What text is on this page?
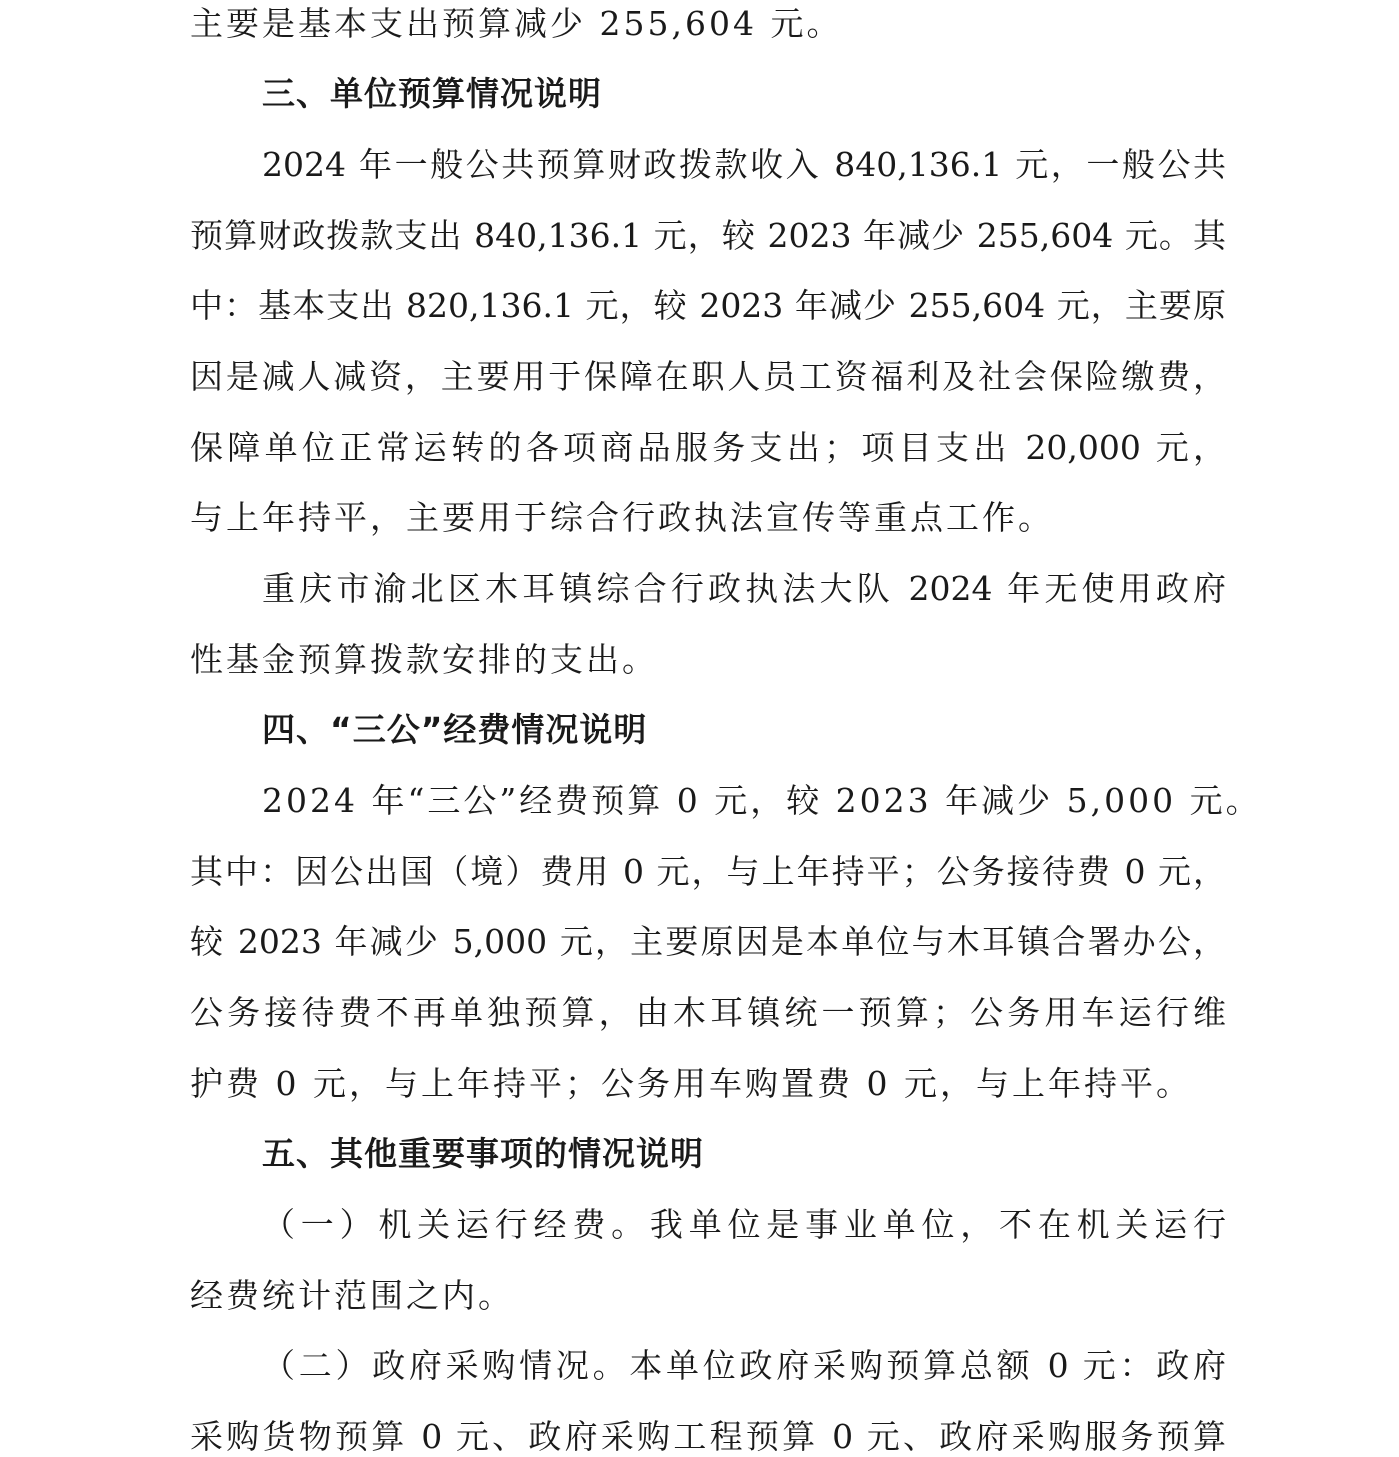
主要是基本支出预算减少 255,604 元。
三、单位预算情况说明
2024 年一般公共预算财政拨款收入 840,136.1 元，一般公共
预算财政拨款支出 840,136.1 元，较 2023 年减少 255,604 元。其
中：基本支出 820,136.1 元，较 2023 年减少 255,604 元，主要原
因是减人减资，主要用于保障在职人员工资福利及社会保险缴费，
保障单位正常运转的各项商品服务支出；项目支出 20,000 元，
与上年持平，主要用于综合行政执法宣传等重点工作。
重庆市渝北区木耳镇综合行政执法大队 2024 年无使用政府
性基金预算拨款安排的支出。
四、“三公”经费情况说明
2024 年“三公”经费预算 0 元，较 2023 年减少 5,000 元。
其中：因公出国（境）费用 0 元，与上年持平；公务接待费 0 元，
较 2023 年减少 5,000 元，主要原因是本单位与木耳镇合署办公，
公务接待费不再单独预算，由木耳镇统一预算；公务用车运行维
护费 0 元，与上年持平；公务用车购置费 0 元，与上年持平。
五、其他重要事项的情况说明
（一）机关运行经费。我单位是事业单位，不在机关运行
经费统计范围之内。
（二）政府采购情况。本单位政府采购预算总额 0 元：政府
采购货物预算 0 元、政府采购工程预算 0 元、政府采购服务预算
